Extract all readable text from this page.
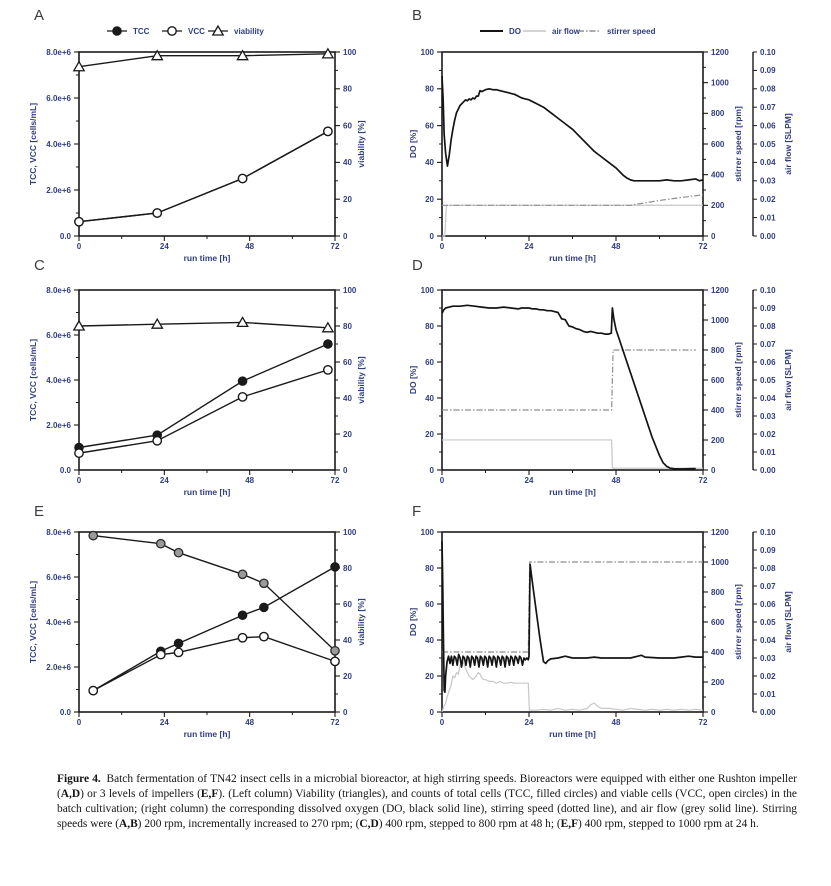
A
0	24	48	72
run time [h]
0.0
2.0e+6
4.0e+6
6.0e+6
8.0e+6
TCC, VCC [cells/mL]
0
20
40
60
80
100
viability [%]
TCC	VCC	viability
B
0	24	48	72
run time [h]
0
20
40
60
80
100
DO [%]
0
200
400
600
800
1000
1200
stirrer speed [rpm]
0.00
0.01
0.02
0.03
0.04
0.05
0.06
0.07
0.08
0.09
0.10
air flow [SLPM]
DO	air flow	stirrer speed
C
0	24	48	72
run time [h]
0.0
2.0e+6
4.0e+6
6.0e+6
8.0e+6
TCC, VCC [cells/mL]
0
20
40
60
80
100
viability [%]
D
0	24	48	72
run time [h]
0
20
40
60
80
100
DO [%]
0
200
400
600
800
1000
1200
stirrer speed [rpm]
0.00
0.01
0.02
0.03
0.04
0.05
0.06
0.07
0.08
0.09
0.10
air flow [SLPM]
E
0	24	48	72
run time [h]
0.0
2.0e+6
4.0e+6
6.0e+6
8.0e+6
TCC, VCC [cells/mL]
0
20
40
60
80
100
viability [%]
F
0	24	48	72
run time [h]
0
20
40
60
80
100
DO [%]
0
200
400
600
800
1000
1200
stirrer speed [rpm]
0.00
0.01
0.02
0.03
0.04
0.05
0.06
0.07
0.08
0.09
0.10
air flow [SLPM]

Figure 4. Batch fermentation of TN42 insect cells in a microbial bioreactor, at high stirring speeds. Bioreactors were equipped with either one Rushton impeller (A,D) or 3 levels of impellers (E,F). (Left column) Viability (triangles), and counts of total cells (TCC, filled circles) and viable cells (VCC, open circles) in the batch cultivation; (right column) the corresponding dissolved oxygen (DO, black solid line), stirring speed (dotted line), and air flow (grey solid line). Stirring speeds were (A,B) 200 rpm, incrementally increased to 270 rpm; (C,D) 400 rpm, stepped to 800 rpm at 48 h; (E,F) 400 rpm, stepped to 1000 rpm at 24 h.
